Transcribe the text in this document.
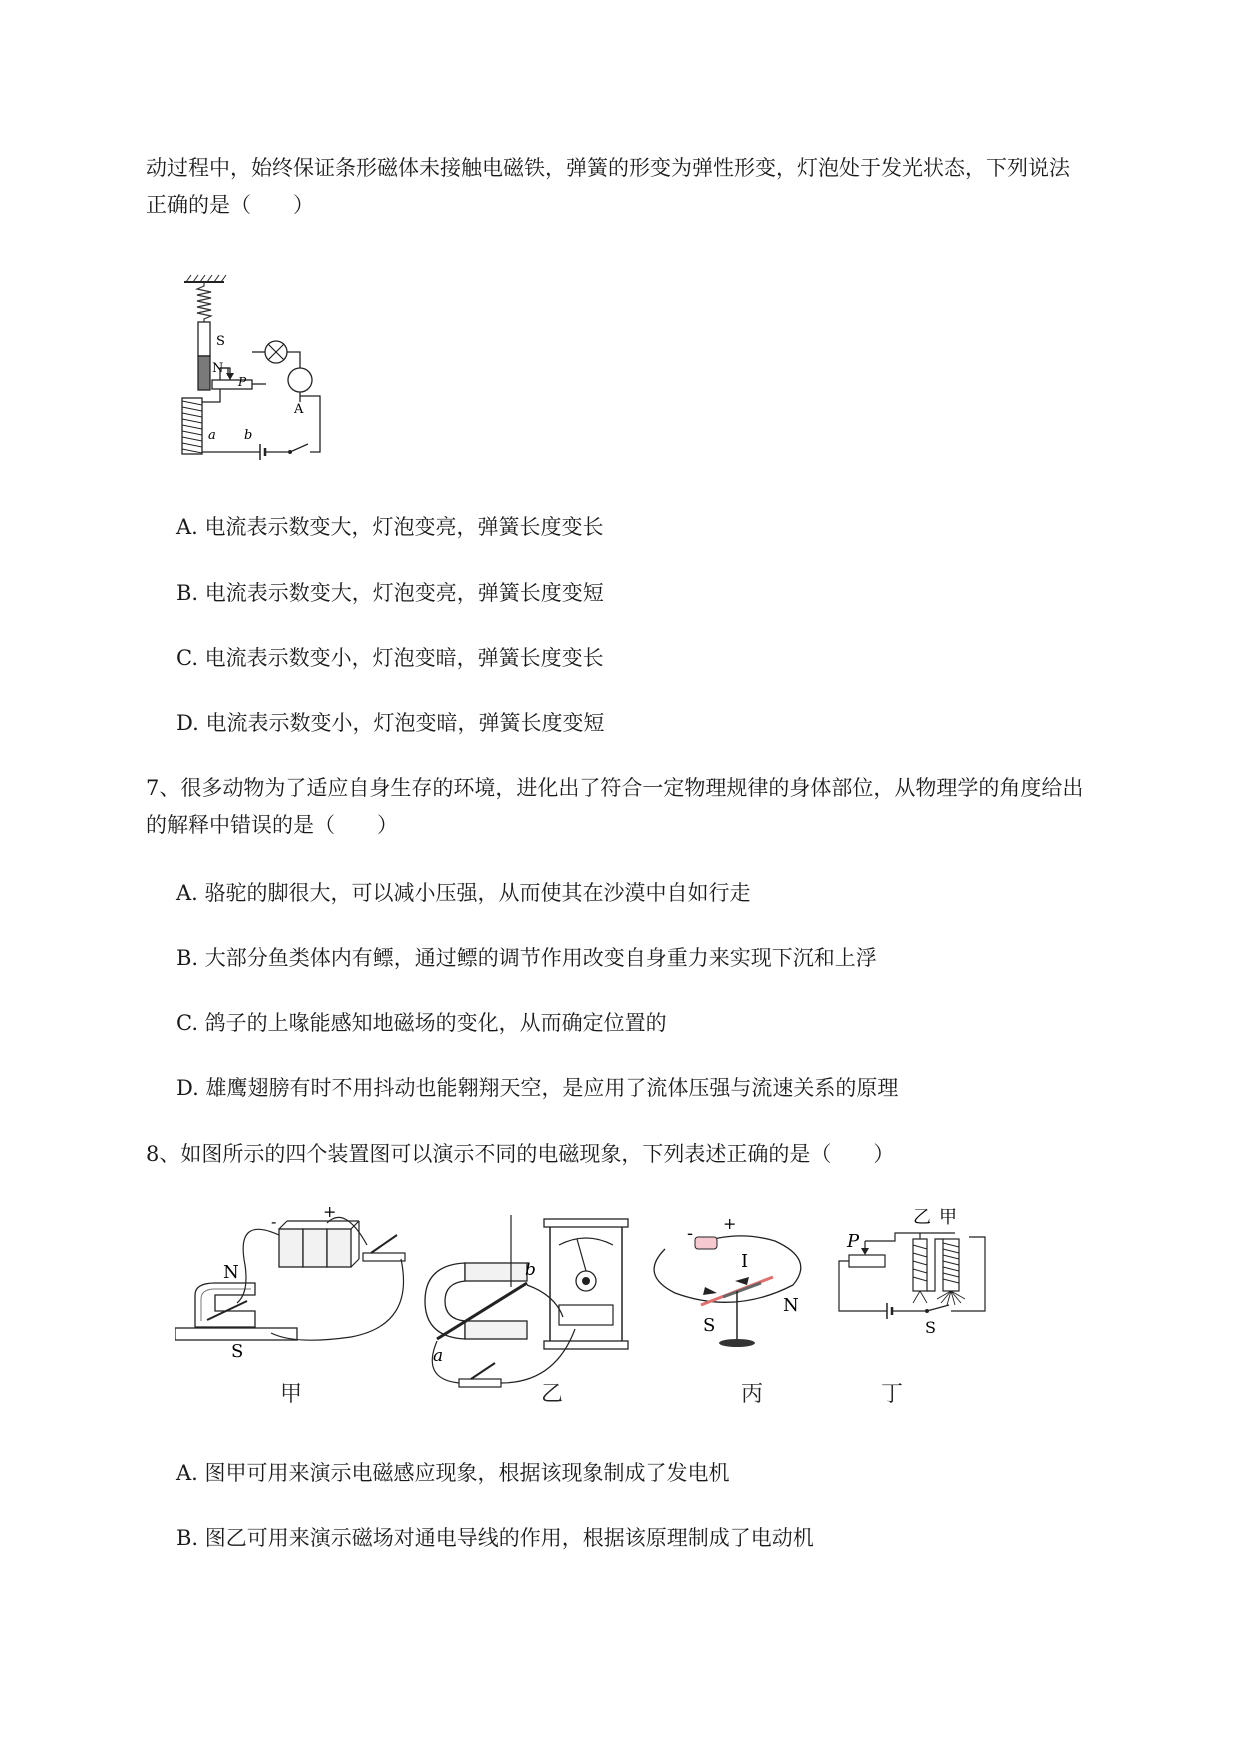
动过程中，始终保证条形磁体未接触电磁铁，弹簧的形变为弹性形变，灯泡处于发光状态，下列说法

正确的是（　　）

S
N
P
A
a b

A. 电流表示数变大，灯泡变亮，弹簧长度变长

B. 电流表示数变大，灯泡变亮，弹簧长度变短

C. 电流表示数变小，灯泡变暗，弹簧长度变长

D. 电流表示数变小，灯泡变暗，弹簧长度变短

7、很多动物为了适应自身生存的环境，进化出了符合一定物理规律的身体部位，从物理学的角度给出

的解释中错误的是（　　）

A. 骆驼的脚很大，可以减小压强，从而使其在沙漠中自如行走

B. 大部分鱼类体内有鳔，通过鳔的调节作用改变自身重力来实现下沉和上浮

C. 鸽子的上喙能感知地磁场的变化，从而确定位置的

D. 雄鹰翅膀有时不用抖动也能翱翔天空，是应用了流体压强与流速关系的原理

8、如图所示的四个装置图可以演示不同的电磁现象，下列表述正确的是（　　）

N
S
-
+
甲
a
b
乙
- +
I
S
N
丙
P
S
乙 甲
丁

A. 图甲可用来演示电磁感应现象，根据该现象制成了发电机

B. 图乙可用来演示磁场对通电导线的作用，根据该原理制成了电动机
